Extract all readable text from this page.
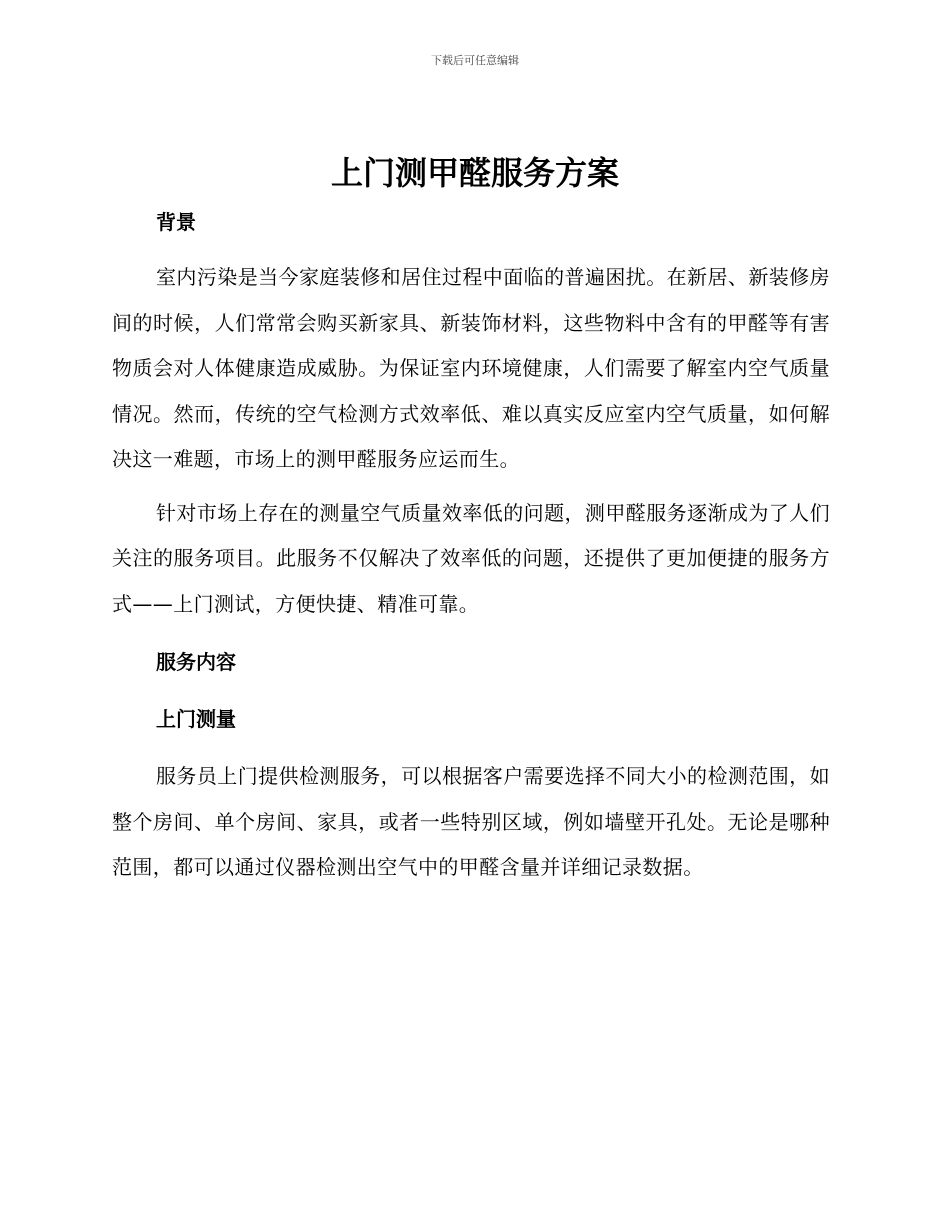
下载后可任意编辑
上门测甲醛服务方案
背景

室内污染是当今家庭装修和居住过程中面临的普遍困扰。在新居、新装修房间的时候，人们常常会购买新家具、新装饰材料，这些物料中含有的甲醛等有害物质会对人体健康造成威胁。为保证室内环境健康，人们需要了解室内空气质量情况。然而，传统的空气检测方式效率低、难以真实反应室内空气质量，如何解决这一难题，市场上的测甲醛服务应运而生。

针对市场上存在的测量空气质量效率低的问题，测甲醛服务逐渐成为了人们关注的服务项目。此服务不仅解决了效率低的问题，还提供了更加便捷的服务方式——上门测试，方便快捷、精准可靠。

服务内容
上门测量

服务员上门提供检测服务，可以根据客户需要选择不同大小的检测范围，如整个房间、单个房间、家具，或者一些特别区域，例如墙壁开孔处。无论是哪种范围，都可以通过仪器检测出空气中的甲醛含量并详细记录数据。
